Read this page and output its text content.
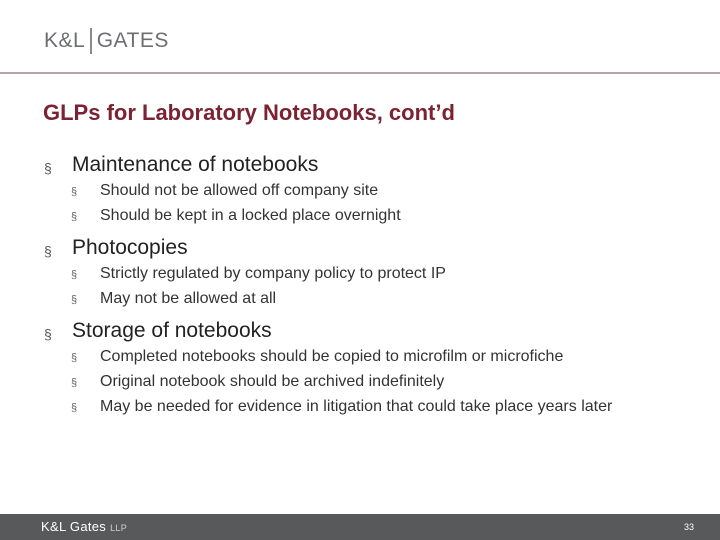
K&L GATES
GLPs for Laboratory Notebooks, cont’d
§ Maintenance of notebooks
§ Should not be allowed off company site
§ Should be kept in a locked place overnight
§ Photocopies
§ Strictly regulated by company policy to protect IP
§ May not be allowed at all
§ Storage of notebooks
§ Completed notebooks should be copied to microfilm or microfiche
§ Original notebook should be archived indefinitely
§ May be needed for evidence in litigation that could take place years later
K&L Gates LLP	33
